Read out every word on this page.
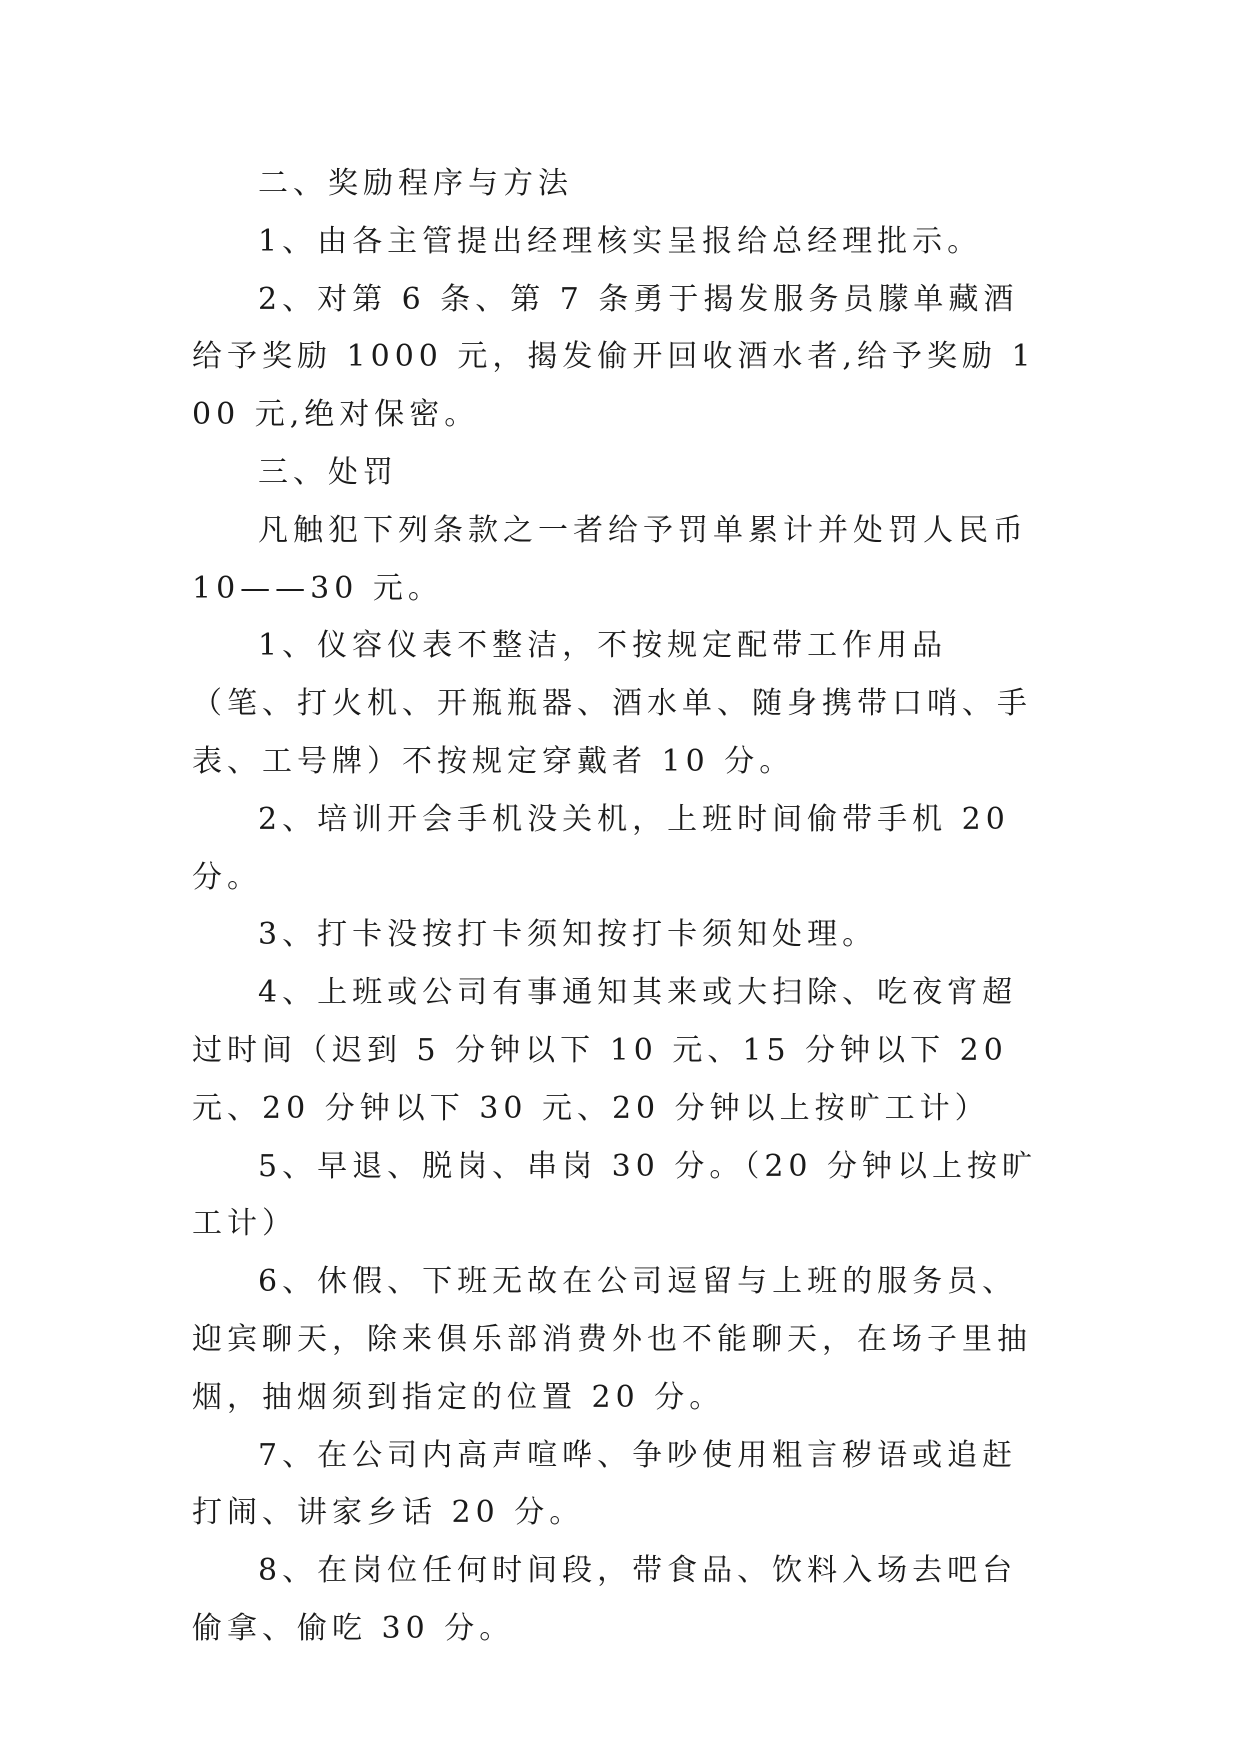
二、奖励程序与方法

1、由各主管提出经理核实呈报给总经理批示。

2、对第 6 条、第 7 条勇于揭发服务员朦单藏酒给予奖励 1000 元，揭发偷开回收酒水者,给予奖励 100 元,绝对保密。

三、处罚

凡触犯下列条款之一者给予罚单累计并处罚人民币10——30 元。

1、仪容仪表不整洁，不按规定配带工作用品（笔、打火机、开瓶瓶器、酒水单、随身携带口哨、手表、工号牌）不按规定穿戴者 10 分。

2、培训开会手机没关机，上班时间偷带手机 20 分。

3、打卡没按打卡须知按打卡须知处理。

4、上班或公司有事通知其来或大扫除、吃夜宵超过时间（迟到 5 分钟以下 10 元、15 分钟以下 20 元、20 分钟以下 30 元、20 分钟以上按旷工计）

5、早退、脱岗、串岗 30 分。（20 分钟以上按旷工计）

6、休假、下班无故在公司逗留与上班的服务员、迎宾聊天，除来俱乐部消费外也不能聊天，在场子里抽烟，抽烟须到指定的位置 20 分。

7、在公司内高声喧哗、争吵使用粗言秽语或追赶打闹、讲家乡话 20 分。

8、在岗位任何时间段，带食品、饮料入场去吧台偷拿、偷吃 30 分。
